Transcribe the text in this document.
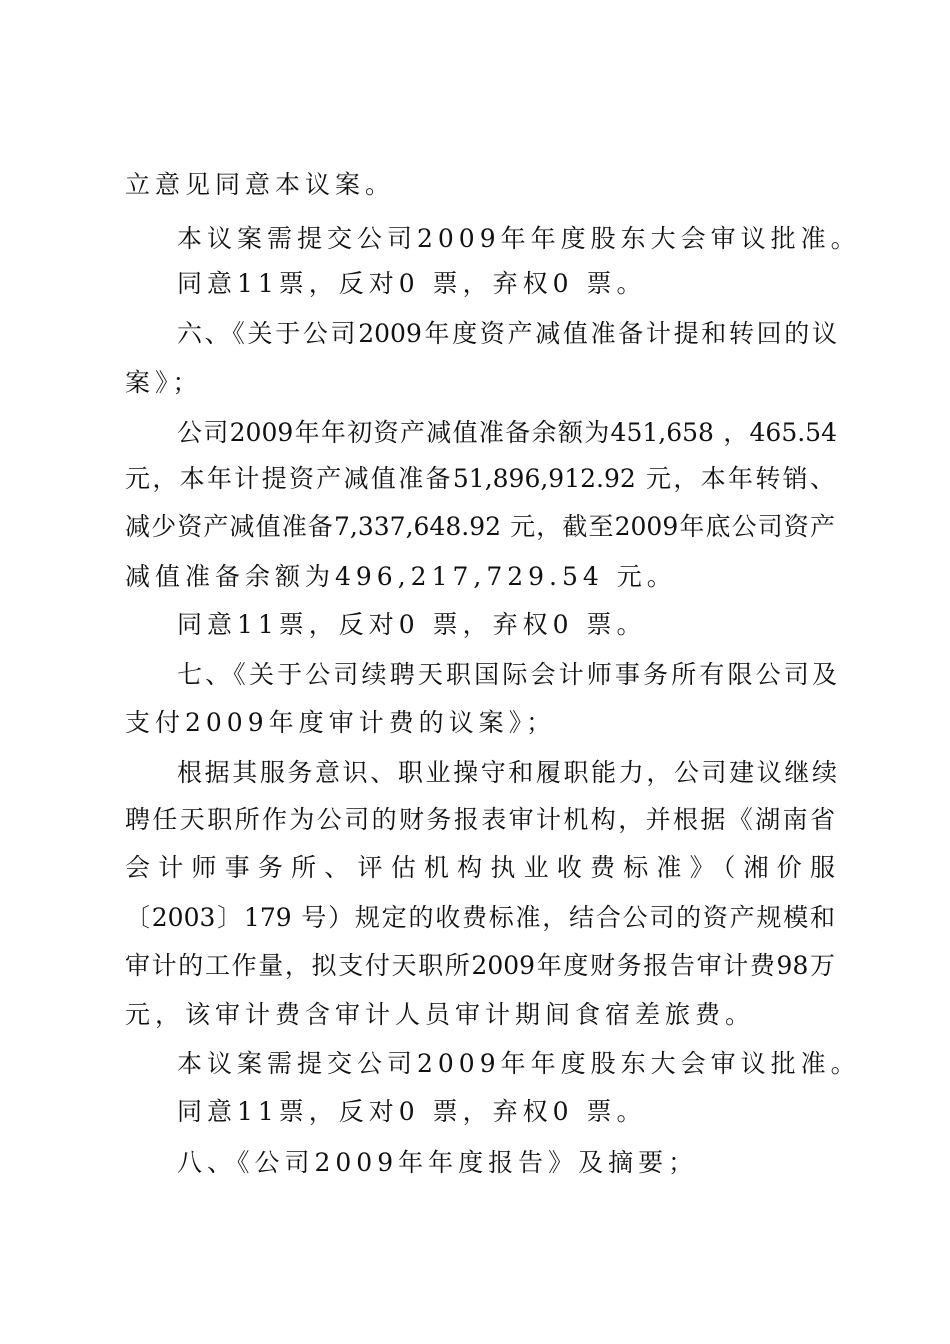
立意见同意本议案。
本议案需提交公司2009年年度股东大会审议批准。
同意11票，反对0 票，弃权0 票。
六、《关于公司2009年度资产减值准备计提和转回的议
案》；
公司2009年年初资产减值准备余额为451,658 ，465.54
元，本年计提资产减值准备51,896,912.92 元，本年转销、
减少资产减值准备7,337,648.92 元，截至2009年底公司资产
减值准备余额为496,217,729.54 元。
同意11票，反对0 票，弃权0 票。
七、《关于公司续聘天职国际会计师事务所有限公司及
支付2009年度审计费的议案》；
根据其服务意识、职业操守和履职能力，公司建议继续
聘任天职所作为公司的财务报表审计机构，并根据《湖南省
会计师事务所、评估机构执业收费标准》（湘价服
〔2003〕179 号）规定的收费标准，结合公司的资产规模和
审计的工作量，拟支付天职所2009年度财务报告审计费98万
元，该审计费含审计人员审计期间食宿差旅费。
本议案需提交公司2009年年度股东大会审议批准。
同意11票，反对0 票，弃权0 票。
八、《公司2009年年度报告》及摘要；
